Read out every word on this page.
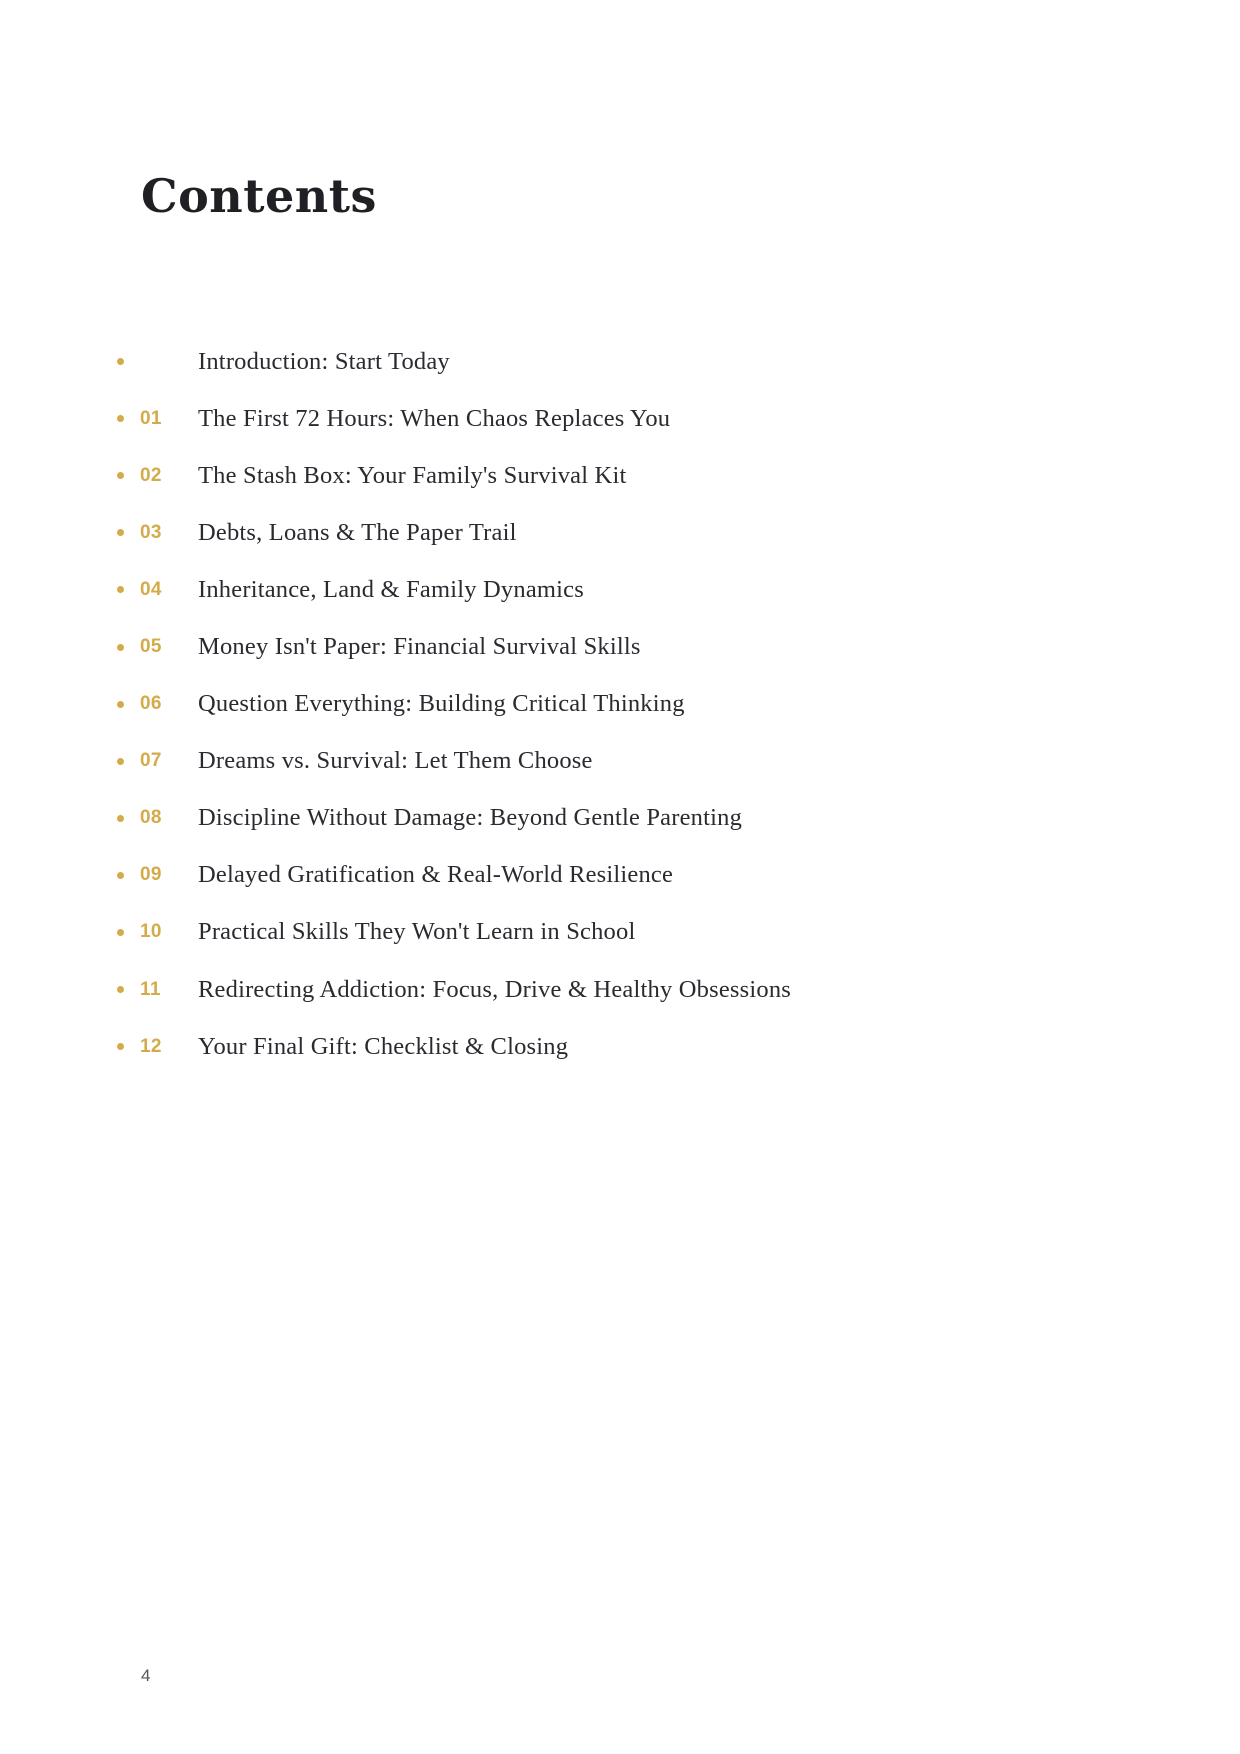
Contents
Introduction: Start Today
01 The First 72 Hours: When Chaos Replaces You
02 The Stash Box: Your Family's Survival Kit
03 Debts, Loans & The Paper Trail
04 Inheritance, Land & Family Dynamics
05 Money Isn't Paper: Financial Survival Skills
06 Question Everything: Building Critical Thinking
07 Dreams vs. Survival: Let Them Choose
08 Discipline Without Damage: Beyond Gentle Parenting
09 Delayed Gratification & Real-World Resilience
10 Practical Skills They Won't Learn in School
11 Redirecting Addiction: Focus, Drive & Healthy Obsessions
12 Your Final Gift: Checklist & Closing
4
